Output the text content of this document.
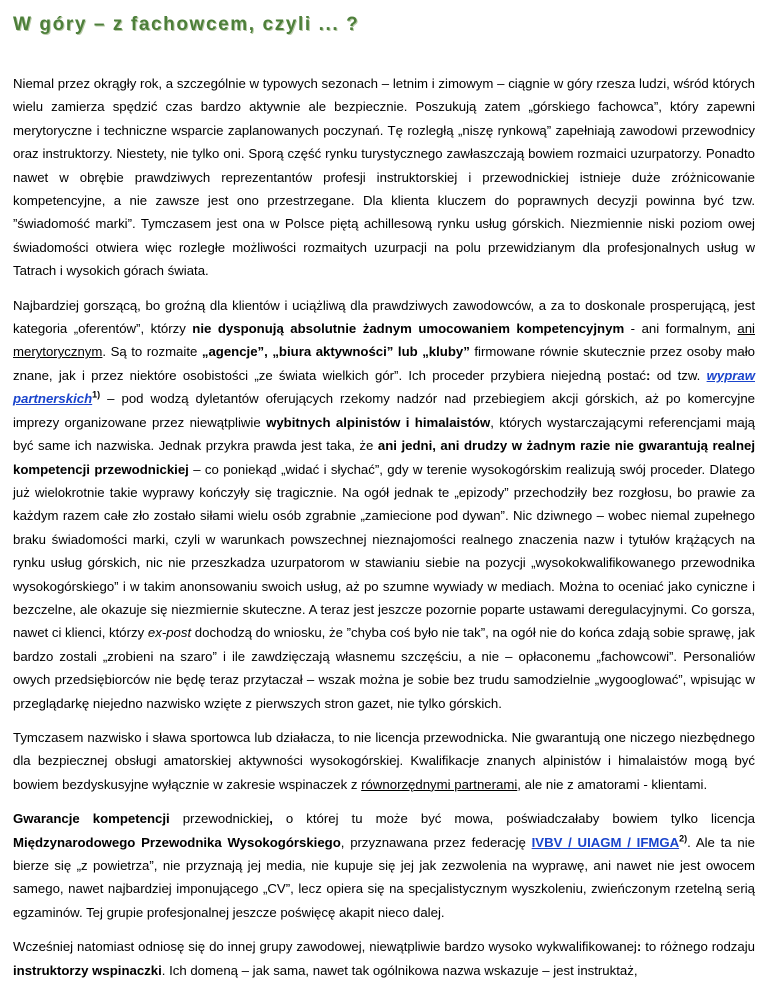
W góry – z fachowcem, czyli ... ?

Niemal przez okrągły rok, a szczególnie w typowych sezonach – letnim i zimowym – ciągnie w góry rzesza ludzi, wśród których wielu zamierza spędzić czas bardzo aktywnie ale bezpiecznie. Poszukują zatem „górskiego fachowca”, który zapewni merytoryczne i techniczne wsparcie zaplanowanych poczynań. Tę rozległą „niszę rynkową” zapełniają zawodowi przewodnicy oraz instruktorzy. Niestety, nie tylko oni. Sporą część rynku turystycznego zawłaszczają bowiem rozmaici uzurpatorzy. Ponadto nawet w obrębie prawdziwych reprezentantów profesji instruktorskiej i przewodnickiej istnieje duże zróżnicowanie kompetencyjne, a nie zawsze jest ono przestrzegane. Dla klienta kluczem do poprawnych decyzji powinna być tzw. ”świadomość marki”. Tymczasem jest ona w Polsce piętą achillesową rynku usług górskich. Niezmiennie niski poziom owej świadomości otwiera więc rozległe możliwości rozmaitych uzurpacji na polu przewidzianym dla profesjonalnych usług w Tatrach i wysokich górach świata.

Najbardziej gorszącą, bo groźną dla klientów i uciążliwą dla prawdziwych zawodowców, a za to doskonale prosperującą, jest kategoria „oferentów”, którzy nie dysponują absolutnie żadnym umocowaniem kompetencyjnym - ani formalnym, ani merytorycznym. Są to rozmaite „agencje”, „biura aktywności” lub „kluby” firmowane równie skutecznie przez osoby mało znane, jak i przez niektóre osobistości „ze świata wielkich gór”. Ich proceder przybiera niejedną postać: od tzw. wypraw partnerskich$^{1)}$ – pod wodzą dyletantów oferujących rzekomy nadzór nad przebiegiem akcji górskich, aż po komercyjne imprezy organizowane przez niewątpliwie wybitnych alpinistów i himalaistów, których wystarczającymi referencjami mają być same ich nazwiska. Jednak przykra prawda jest taka, że ani jedni, ani drudzy w żadnym razie nie gwarantują realnej kompetencji przewodnickiej – co poniekąd „widać i słychać”, gdy w terenie wysokogórskim realizują swój proceder. Dlatego już wielokrotnie takie wyprawy kończyły się tragicznie. Na ogół jednak te „epizody” przechodziły bez rozgłosu, bo prawie za każdym razem całe zło zostało siłami wielu osób zgrabnie „zamiecione pod dywan”. Nic dziwnego – wobec niemal zupełnego braku świadomości marki, czyli w warunkach powszechnej nieznajomości realnego znaczenia nazw i tytułów krążących na rynku usług górskich, nic nie przeszkadza uzurpatorom w stawianiu siebie na pozycji „wysokokwalifikowanego przewodnika wysokogórskiego” i w takim anonsowaniu swoich usług, aż po szumne wywiady w mediach. Można to oceniać jako cyniczne i bezczelne, ale okazuje się niezmiernie skuteczne. A teraz jest jeszcze pozornie poparte ustawami deregulacyjnymi. Co gorsza, nawet ci klienci, którzy ex-post dochodzą do wniosku, że ”chyba coś było nie tak”, na ogół nie do końca zdają sobie sprawę, jak bardzo zostali „zrobieni na szaro” i ile zawdzięczają własnemu szczęściu, a nie – opłaconemu „fachowcowi”. Personaliów owych przedsiębiorców nie będę teraz przytaczał – wszak można je sobie bez trudu samodzielnie „wygooglować”, wpisując w przeglądarkę niejedno nazwisko wzięte z pierwszych stron gazet, nie tylko górskich.

Tymczasem nazwisko i sława sportowca lub działacza, to nie licencja przewodnicka. Nie gwarantują one niczego niezbędnego dla bezpiecznej obsługi amatorskiej aktywności wysokogórskiej. Kwalifikacje znanych alpinistów i himalaistów mogą być bowiem bezdyskusyjne wyłącznie w zakresie wspinaczek z równorzędnymi partnerami, ale nie z amatorami - klientami.

Gwarancje kompetencji przewodnickiej, o której tu może być mowa, poświadczałaby bowiem tylko licencja Międzynarodowego Przewodnika Wysokogórskiego, przyznawana przez federację IVBV / UIAGM / IFMGA$^{2)}$. Ale ta nie bierze się „z powietrza”, nie przyznają jej media, nie kupuje się jej jak zezwolenia na wyprawę, ani nawet nie jest owocem samego, nawet najbardziej imponującego „CV”, lecz opiera się na specjalistycznym wyszkoleniu, zwieńczonym rzetelną serią egzaminów. Tej grupie profesjonalnej jeszcze poświęcę akapit nieco dalej.

Wcześniej natomiast odniosę się do innej grupy zawodowej, niewątpliwie bardzo wysoko wykwalifikowanej: to różnego rodzaju instruktorzy wspinaczki. Ich domeną – jak sama, nawet tak ogólnikowa nazwa wskazuje – jest instruktaż,
